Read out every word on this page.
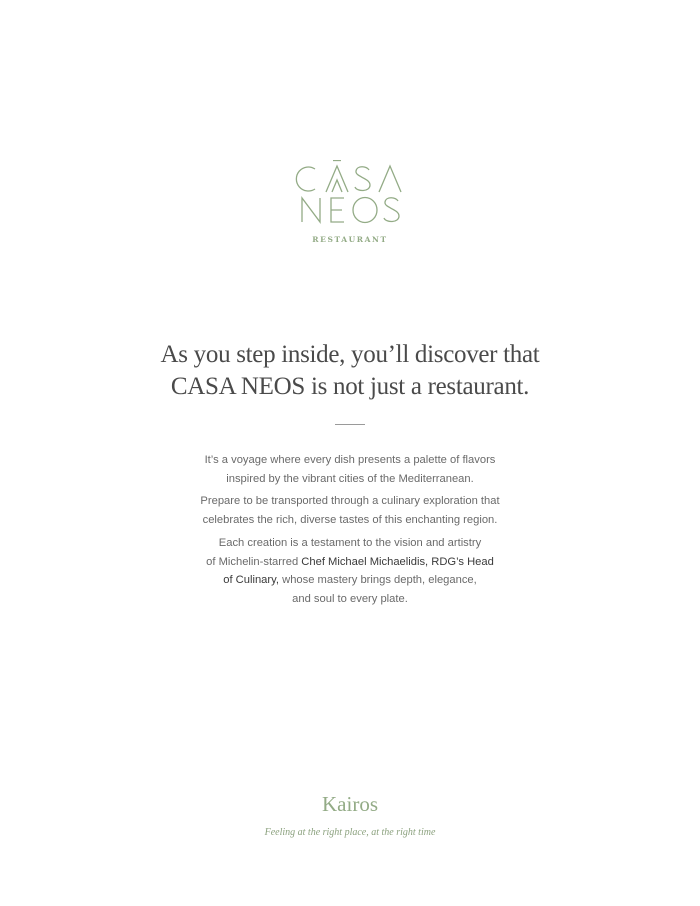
RESTAURANT
As you step inside, you’ll discover that
CASA NEOS is not just a restaurant.

It’s a voyage where every dish presents a palette of flavors
inspired by the vibrant cities of the Mediterranean.

Prepare to be transported through a culinary exploration that
celebrates the rich, diverse tastes of this enchanting region.

Each creation is a testament to the vision and artistry
of Michelin-starred Chef Michael Michaelidis, RDG’s Head
of Culinary, whose mastery brings depth, elegance,
and soul to every plate.

Kairos
Feeling at the right place, at the right time
